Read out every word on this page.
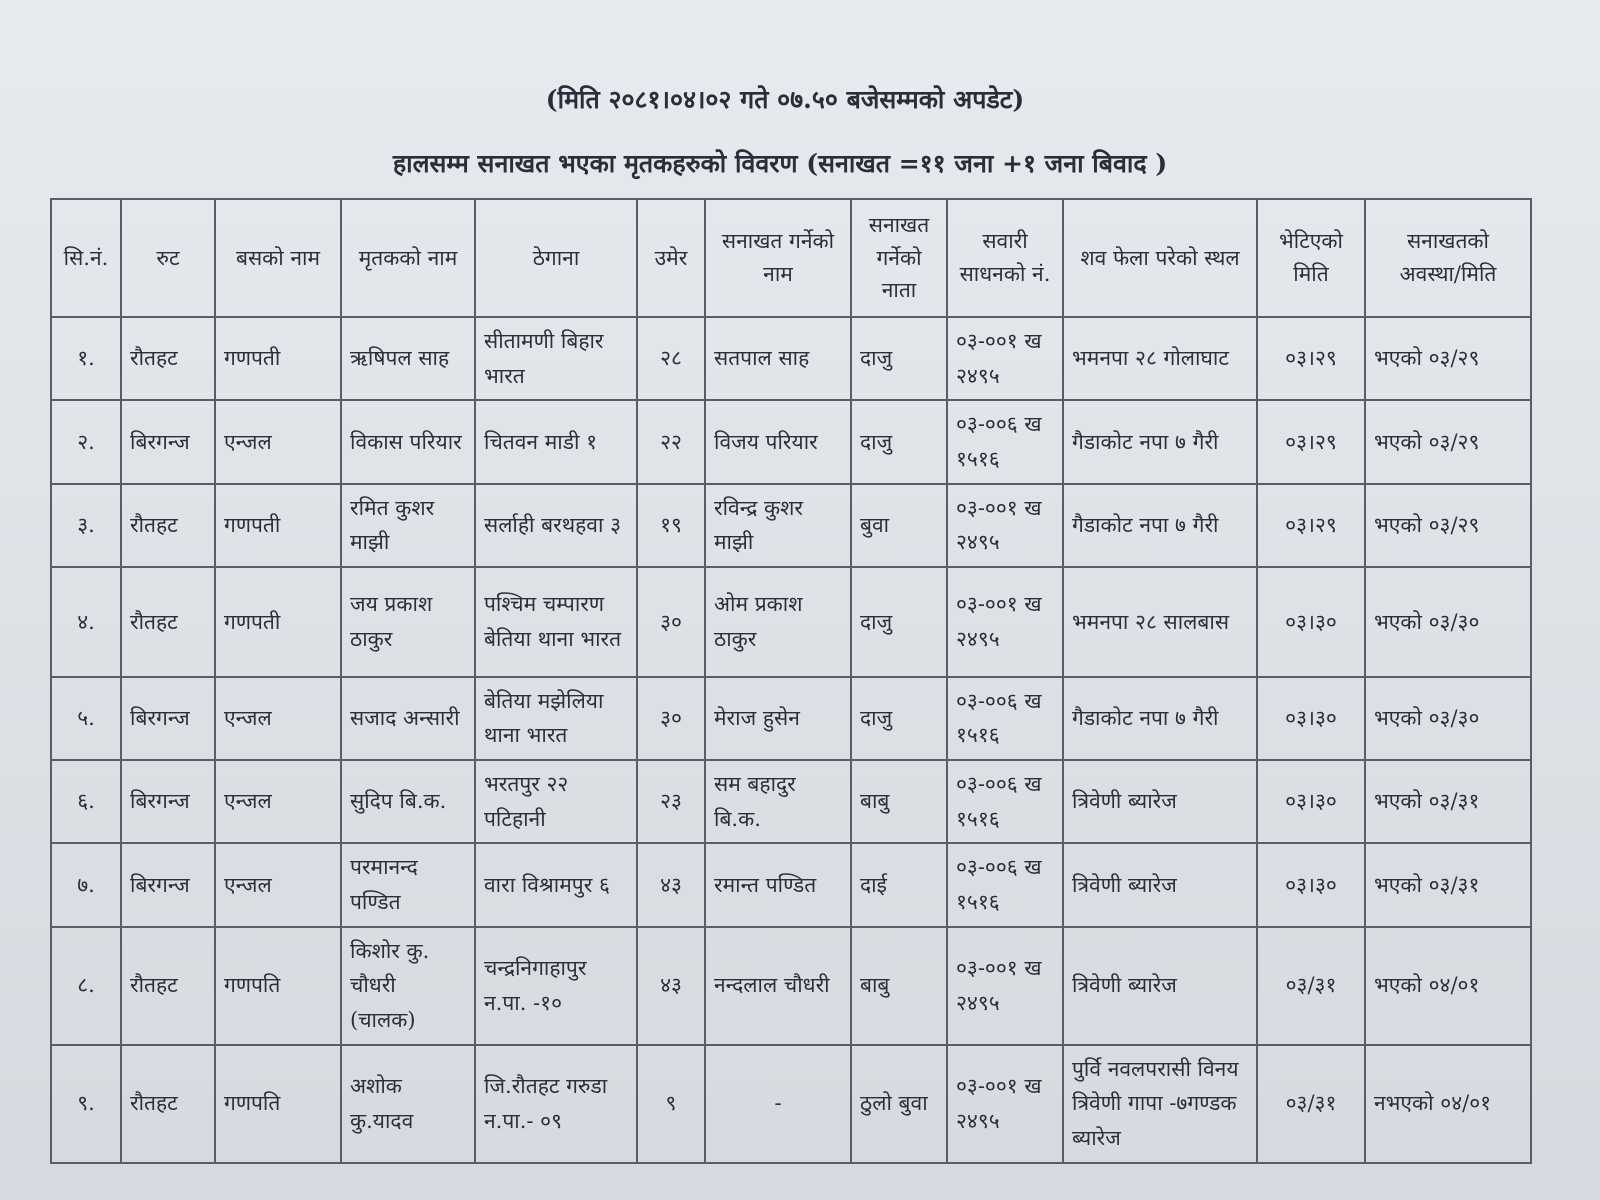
(मिति २०८१।०४।०२ गते ०७.५० बजेसम्मको अपडेट)
हालसम्म सनाखत भएका मृतकहरुको विवरण (सनाखत =११ जना +१ जना बिवाद )
सि.नं.	रुट	बसको नाम	मृतकको नाम	ठेगाना	उमेर	सनाखत गर्नेको नाम	सनाखत गर्नेको नाता	सवारी साधनको नं.	शव फेला परेको स्थल	भेटिएको मिति	सनाखतको अवस्था/मिति
१.	रौतहट	गणपती	ऋषिपल साह	सीतामणी बिहार भारत	२८	सतपाल साह	दाजु	०३-००१ ख २४९५	भमनपा २८ गोलाघाट	०३।२९	भएको ०३/२९
२.	बिरगन्ज	एन्जल	विकास परियार	चितवन माडी १	२२	विजय परियार	दाजु	०३-००६ ख १५१६	गैडाकोट नपा ७ गैरी	०३।२९	भएको ०३/२९
३.	रौतहट	गणपती	रमित कुशर माझी	सर्लाही बरथहवा ३	१९	रविन्द्र कुशर माझी	बुवा	०३-००१ ख २४९५	गैडाकोट नपा ७ गैरी	०३।२९	भएको ०३/२९
४.	रौतहट	गणपती	जय प्रकाश ठाकुर	पश्चिम चम्पारण बेतिया थाना भारत	३०	ओम प्रकाश ठाकुर	दाजु	०३-००१ ख २४९५	भमनपा २८ सालबास	०३।३०	भएको ०३/३०
५.	बिरगन्ज	एन्जल	सजाद अन्सारी	बेतिया मझेलिया थाना भारत	३०	मेराज हुसेन	दाजु	०३-००६ ख १५१६	गैडाकोट नपा ७ गैरी	०३।३०	भएको ०३/३०
६.	बिरगन्ज	एन्जल	सुदिप बि.क.	भरतपुर २२ पटिहानी	२३	सम बहादुर बि.क.	बाबु	०३-००६ ख १५१६	त्रिवेणी ब्यारेज	०३।३०	भएको ०३/३१
७.	बिरगन्ज	एन्जल	परमानन्द पण्डित	वारा विश्रामपुर ६	४३	रमान्त पण्डित	दाई	०३-००६ ख १५१६	त्रिवेणी ब्यारेज	०३।३०	भएको ०३/३१
८.	रौतहट	गणपति	किशोर कु. चौधरी (चालक)	चन्द्रनिगाहापुर न.पा. -१०	४३	नन्दलाल चौधरी	बाबु	०३-००१ ख २४९५	त्रिवेणी ब्यारेज	०३/३१	भएको ०४/०१
९.	रौतहट	गणपति	अशोक कु.यादव	जि.रौतहट गरुडा न.पा.- ०९	९	-	ठुलो बुवा	०३-००१ ख २४९५	पुर्वि नवलपरासी विनय त्रिवेणी गापा -७गण्डक ब्यारेज	०३/३१	नभएको ०४/०१
